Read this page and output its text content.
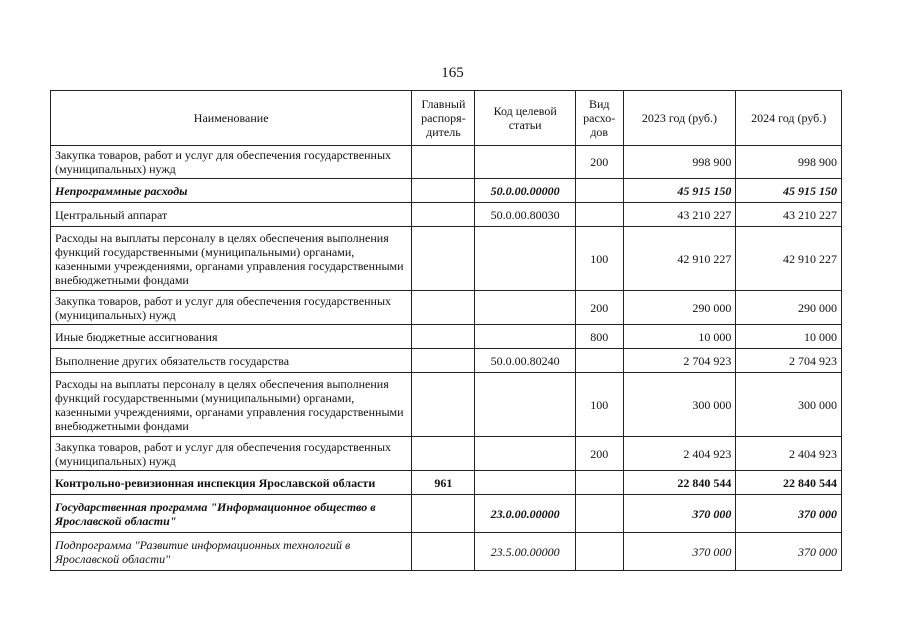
165
Наименование	Главный распоря-дитель	Код целевой статьи	Вид расхо-дов	2023 год (руб.)	2024 год (руб.)
Закупка товаров, работ и услуг для обеспечения государственных (муниципальных) нужд			200	998 900	998 900
Непрограммные расходы		50.0.00.00000		45 915 150	45 915 150
Центральный аппарат		50.0.00.80030		43 210 227	43 210 227
Расходы на выплаты персоналу в целях обеспечения выполнения функций государственными (муниципальными) органами, казенными учреждениями, органами управления государственными внебюджетными фондами			100	42 910 227	42 910 227
Закупка товаров, работ и услуг для обеспечения государственных (муниципальных) нужд			200	290 000	290 000
Иные бюджетные ассигнования			800	10 000	10 000
Выполнение других обязательств государства		50.0.00.80240		2 704 923	2 704 923
Расходы на выплаты персоналу в целях обеспечения выполнения функций государственными (муниципальными) органами, казенными учреждениями, органами управления государственными внебюджетными фондами			100	300 000	300 000
Закупка товаров, работ и услуг для обеспечения государственных (муниципальных) нужд			200	2 404 923	2 404 923
Контрольно-ревизионная инспекция Ярославской области	961			22 840 544	22 840 544
Государственная программа "Информационное общество в Ярославской области"		23.0.00.00000		370 000	370 000
Подпрограмма "Развитие информационных технологий в Ярославской области"		23.5.00.00000		370 000	370 000
